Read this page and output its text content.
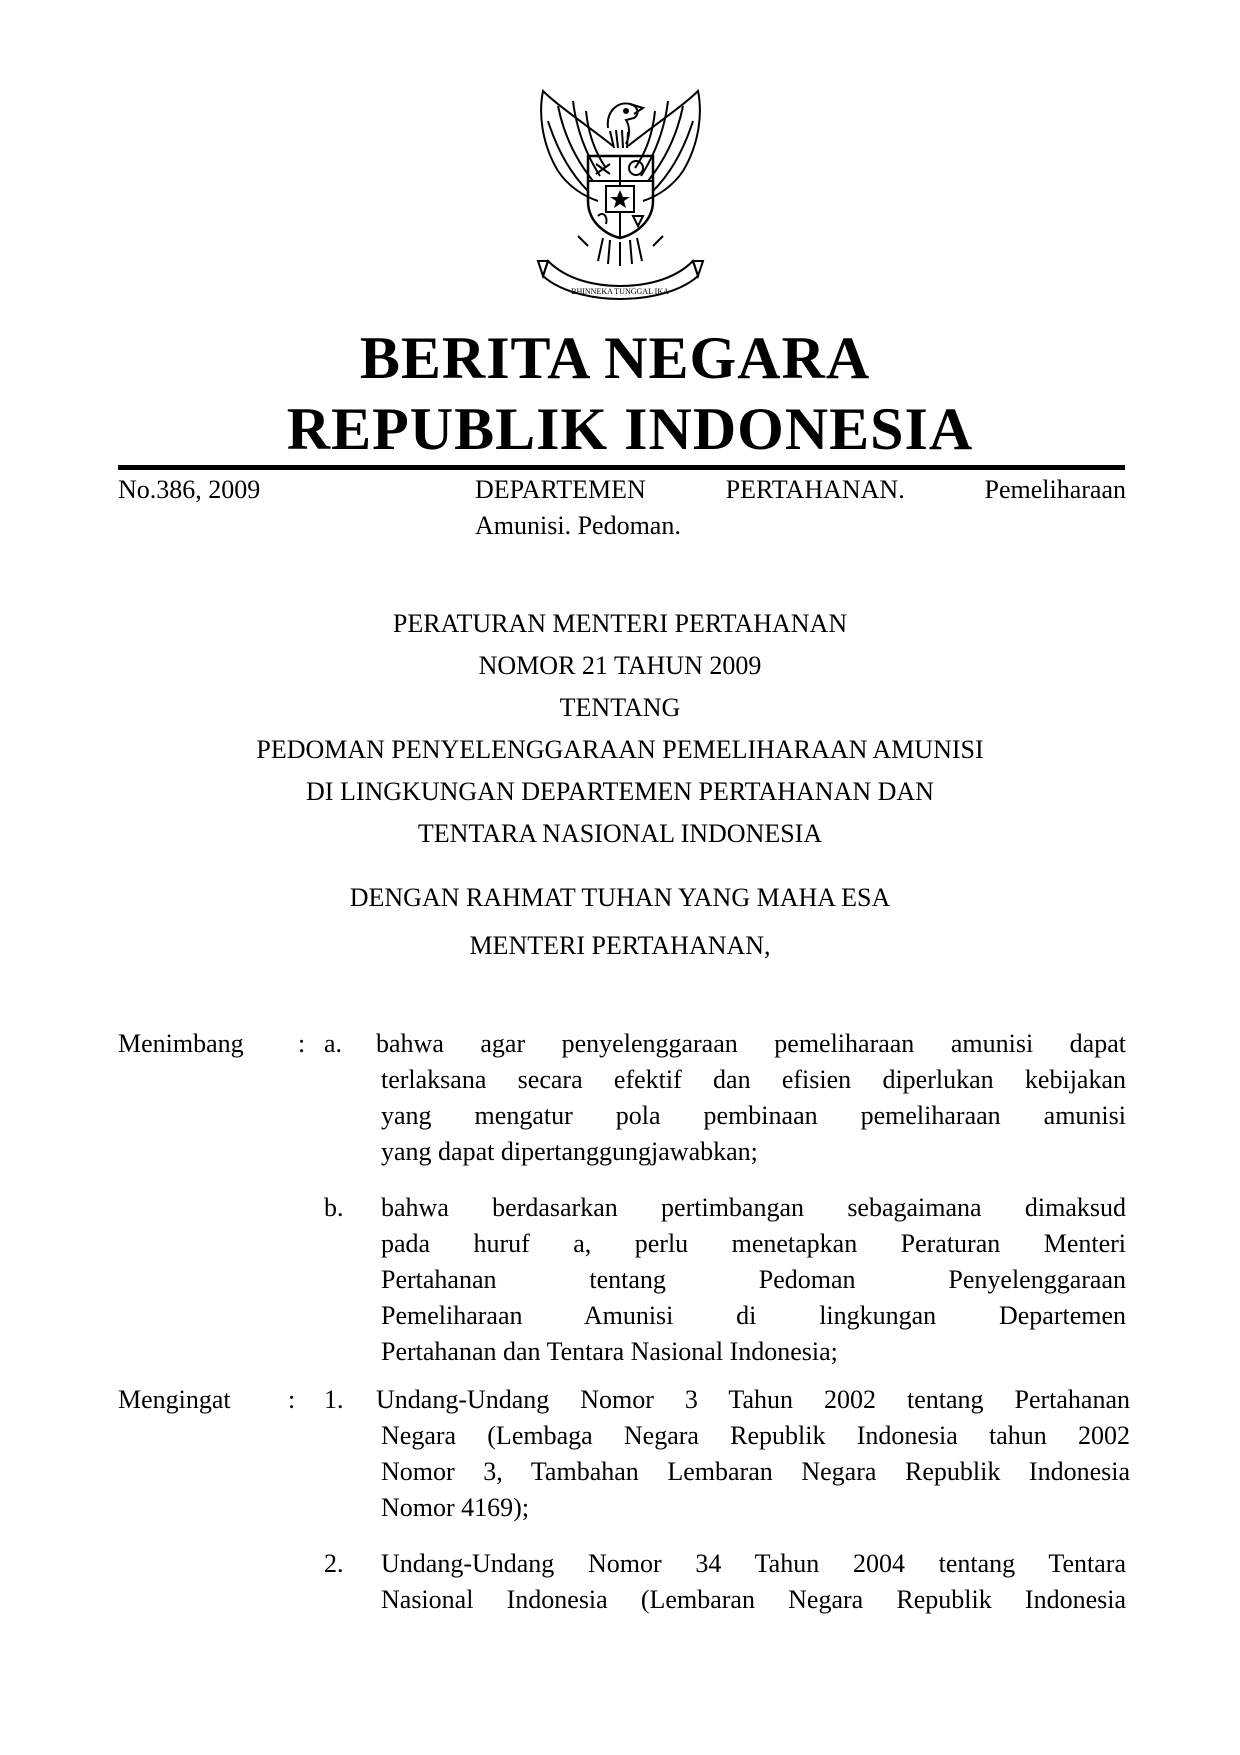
BHINNEKA TUNGGAL IKA
BERITA NEGARA
REPUBLIK INDONESIA
No.386, 2009	DEPARTEMEN PERTAHANAN. Pemeliharaan
Amunisi. Pedoman.
PERATURAN MENTERI PERTAHANAN
NOMOR 21 TAHUN 2009
TENTANG
PEDOMAN PENYELENGGARAAN PEMELIHARAAN AMUNISI
DI LINGKUNGAN DEPARTEMEN PERTAHANAN DAN
TENTARA NASIONAL INDONESIA
DENGAN RAHMAT TUHAN YANG MAHA ESA
MENTERI PERTAHANAN,
Menimbang : a. bahwa agar penyelenggaraan pemeliharaan amunisi dapat
terlaksana secara efektif dan efisien diperlukan kebijakan
yang mengatur pola pembinaan pemeliharaan amunisi
yang dapat dipertanggungjawabkan;
b. bahwa berdasarkan pertimbangan sebagaimana dimaksud
pada huruf a, perlu menetapkan Peraturan Menteri
Pertahanan tentang Pedoman Penyelenggaraan
Pemeliharaan Amunisi di lingkungan Departemen
Pertahanan dan Tentara Nasional Indonesia;
Mengingat : 1. Undang-Undang Nomor 3 Tahun 2002 tentang Pertahanan
Negara (Lembaga Negara Republik Indonesia tahun 2002
Nomor 3, Tambahan Lembaran Negara Republik Indonesia
Nomor 4169);
2. Undang-Undang Nomor 34 Tahun 2004 tentang Tentara
Nasional Indonesia (Lembaran Negara Republik Indonesia
